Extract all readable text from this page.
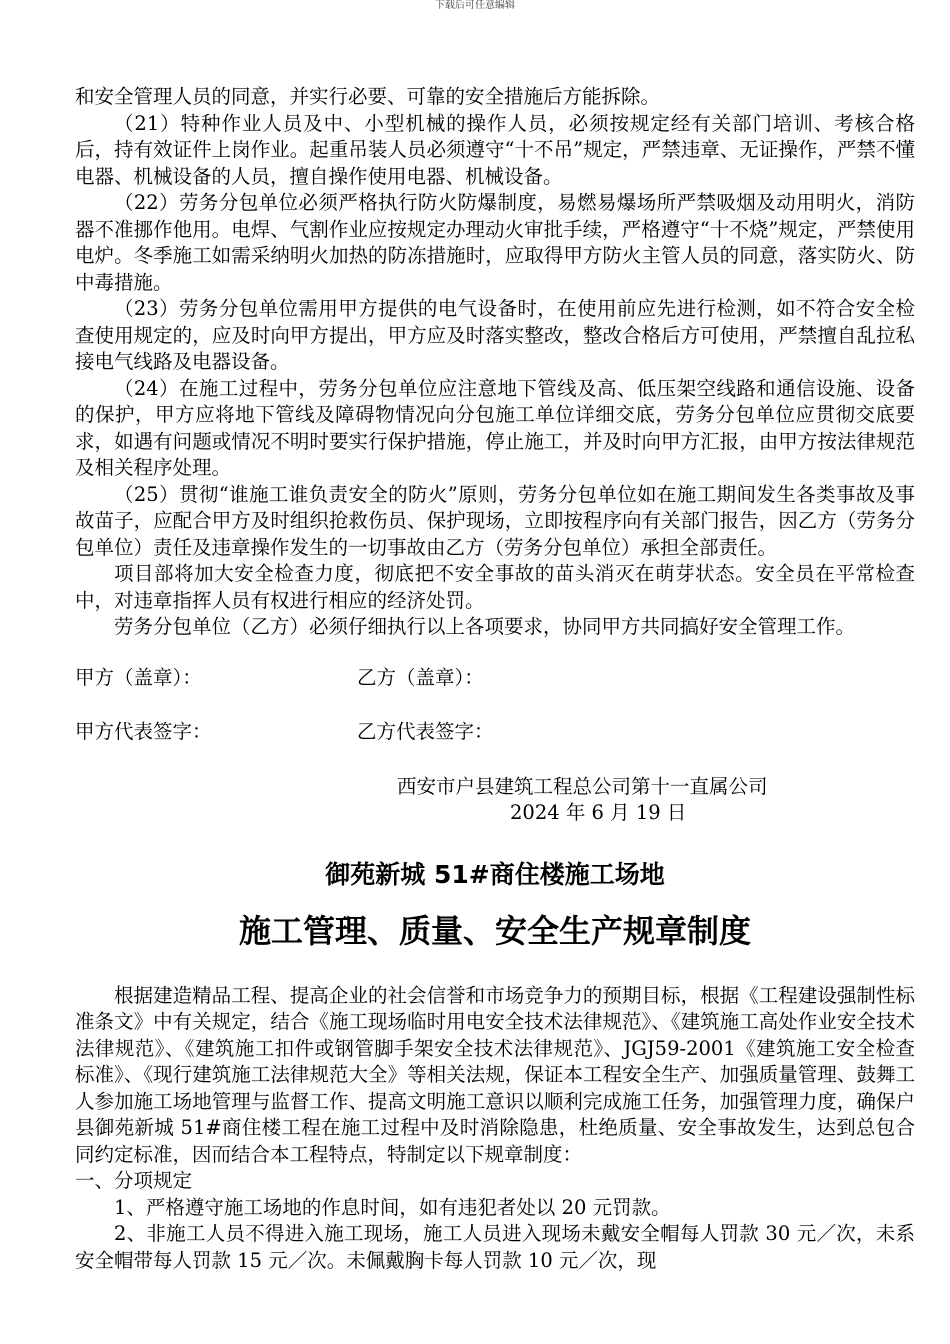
下载后可任意编辑

和安全管理人员的同意，并实行必要、可靠的安全措施后方能拆除。

（21）特种作业人员及中、小型机械的操作人员，必须按规定经有关部门培训、考核合格后，持有效证件上岗作业。起重吊装人员必须遵守“十不吊”规定，严禁违章、无证操作，严禁不懂电器、机械设备的人员，擅自操作使用电器、机械设备。

（22）劳务分包单位必须严格执行防火防爆制度，易燃易爆场所严禁吸烟及动用明火，消防器不准挪作他用。电焊、气割作业应按规定办理动火审批手续，严格遵守“十不烧”规定，严禁使用电炉。冬季施工如需采纳明火加热的防冻措施时，应取得甲方防火主管人员的同意，落实防火、防中毒措施。

（23）劳务分包单位需用甲方提供的电气设备时，在使用前应先进行检测，如不符合安全检查使用规定的，应及时向甲方提出，甲方应及时落实整改，整改合格后方可使用，严禁擅自乱拉私接电气线路及电器设备。

（24）在施工过程中，劳务分包单位应注意地下管线及高、低压架空线路和通信设施、设备的保护，甲方应将地下管线及障碍物情况向分包施工单位详细交底，劳务分包单位应贯彻交底要求，如遇有问题或情况不明时要实行保护措施，停止施工，并及时向甲方汇报，由甲方按法律规范及相关程序处理。

（25）贯彻“谁施工谁负责安全的防火”原则，劳务分包单位如在施工期间发生各类事故及事故苗子，应配合甲方及时组织抢救伤员、保护现场，立即按程序向有关部门报告，因乙方（劳务分包单位）责任及违章操作发生的一切事故由乙方（劳务分包单位）承担全部责任。

项目部将加大安全检查力度，彻底把不安全事故的苗头消灭在萌芽状态。安全员在平常检查中，对违章指挥人员有权进行相应的经济处罚。

劳务分包单位（乙方）必须仔细执行以上各项要求，协同甲方共同搞好安全管理工作。

甲方（盖章）：	乙方（盖章）：
甲方代表签字：	乙方代表签字：

西安市户县建筑工程总公司第十一直属公司

2024 年 6 月 19 日

御苑新城 51#商住楼施工场地
施工管理、质量、安全生产规章制度

根据建造精品工程、提高企业的社会信誉和市场竞争力的预期目标，根据《工程建设强制性标准条文》中有关规定，结合《施工现场临时用电安全技术法律规范》、《建筑施工高处作业安全技术法律规范》、《建筑施工扣件或钢管脚手架安全技术法律规范》、JGJ59-2001《建筑施工安全检查标准》、《现行建筑施工法律规范大全》等相关法规，保证本工程安全生产、加强质量管理、鼓舞工人参加施工场地管理与监督工作、提高文明施工意识以顺利完成施工任务，加强管理力度，确保户县御苑新城 51#商住楼工程在施工过程中及时消除隐患，杜绝质量、安全事故发生，达到总包合同约定标准，因而结合本工程特点，特制定以下规章制度：

一、分项规定

1、严格遵守施工场地的作息时间，如有违犯者处以 20 元罚款。

2、非施工人员不得进入施工现场，施工人员进入现场未戴安全帽每人罚款 30 元／次，未系安全帽带每人罚款 15 元／次。未佩戴胸卡每人罚款 10 元／次，现
